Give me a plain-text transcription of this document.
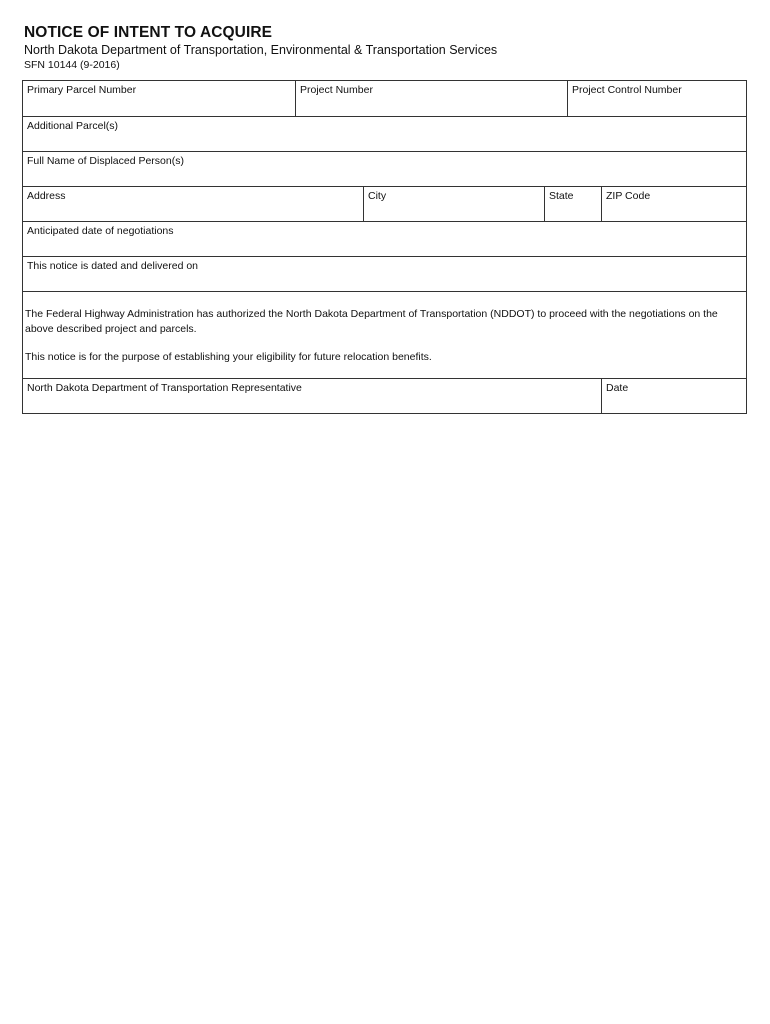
NOTICE OF INTENT TO ACQUIRE
North Dakota Department of Transportation, Environmental & Transportation Services
SFN 10144 (9-2016)
Primary Parcel Number	Project Number	Project Control Number
Additional Parcel(s)
Full Name of Displaced Person(s)
Address	City	State	ZIP Code
Anticipated date of negotiations
This notice is dated and delivered on

The Federal Highway Administration has authorized the North Dakota Department of Transportation (NDDOT) to proceed with the negotiations on the above described project and parcels.

This notice is for the purpose of establishing your eligibility for future relocation benefits.

North Dakota Department of Transportation Representative	Date
